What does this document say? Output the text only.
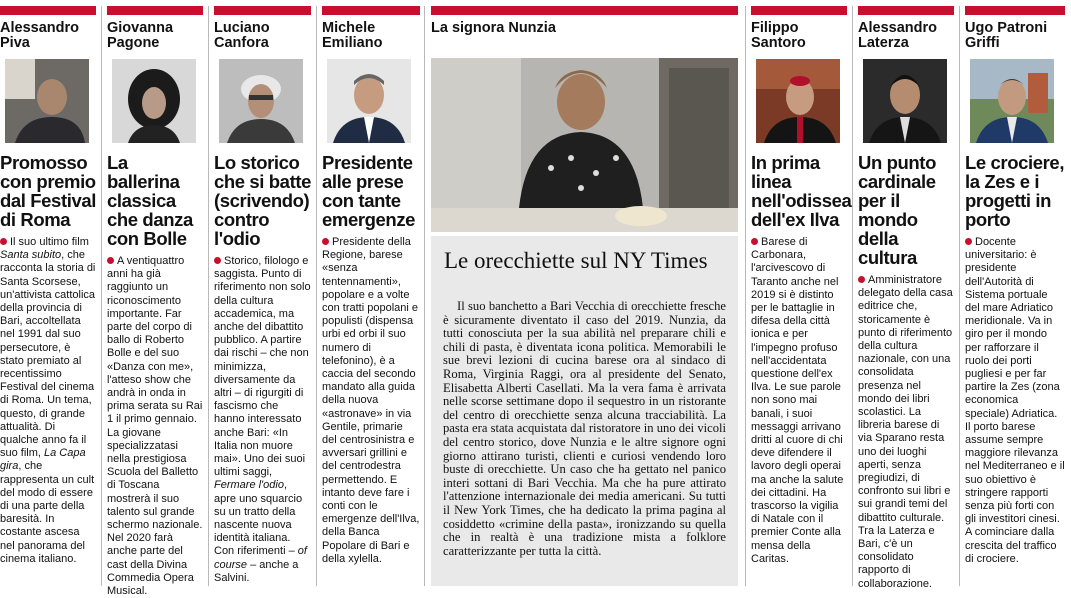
Alessandro Piva
Promosso con premio dal Festival di Roma
Il suo ultimo film Santa subito, che racconta la storia di Santa Scorsese, un'attivista cattolica della provincia di Bari, accoltellata nel 1991 dal suo persecutore, è stato premiato al recentissimo Festival del cinema di Roma. Un tema, questo, di grande attualità. Di qualche anno fa il suo film, La Capa gira, che rappresenta un cult del modo di essere di una parte della baresità. In costante ascesa nel panorama del cinema italiano.
Giovanna Pagone
La ballerina classica che danza con Bolle
A ventiquattro anni ha già raggiunto un riconoscimento importante. Far parte del corpo di ballo di Roberto Bolle e del suo «Danza con me», l'atteso show che andrà in onda in prima serata su Rai 1 il primo gennaio. La giovane specializzatasi nella prestigiosa Scuola del Balletto di Toscana mostrerà il suo talento sul grande schermo nazionale. Nel 2020 farà anche parte del cast della Divina Commedia Opera Musical.
Luciano Canfora
Lo storico che si batte (scrivendo) contro l'odio
Storico, filologo e saggista. Punto di riferimento non solo della cultura accademica, ma anche del dibattito pubblico. A partire dai rischi – che non minimizza, diversamente da altri – di rigurgiti di fascismo che hanno interessato anche Bari: «In Italia non muore mai». Uno dei suoi ultimi saggi, Fermare l'odio, apre uno squarcio su un tratto della nascente nuova identità italiana. Con riferimenti – of course – anche a Salvini.
Michele Emiliano
Presidente alle prese con tante emergenze
Presidente della Regione, barese «senza tentennamenti», popolare e a volte con tratti popolani e populisti (dispensa urbi ed orbi il suo numero di telefonino), è a caccia del secondo mandato alla guida della nuova «astronave» in via Gentile, primarie del centrosinistra e avversari grillini e del centrodestra permettendo. E intanto deve fare i conti con le emergenze dell'Ilva, della Banca Popolare di Bari e della xylella.
La signora Nunzia
Le orecchiette sul NY Times
Il suo banchetto a Bari Vecchia di orecchiette fresche è sicuramente diventato il caso del 2019. Nunzia, da tutti conosciuta per la sua abilità nel preparare chili e chili di pasta, è diventata icona politica. Memorabili le sue brevi lezioni di cucina barese ora al sindaco di Roma, Virginia Raggi, ora al presidente del Senato, Elisabetta Alberti Casellati. Ma la vera fama è arrivata nelle scorse settimane dopo il sequestro in un ristorante del centro di orecchiette senza alcuna tracciabilità. La pasta era stata acquistata dal ristoratore in uno dei vicoli del centro storico, dove Nunzia e le altre signore ogni giorno attirano turisti, clienti e curiosi vendendo loro buste di orecchiette. Un caso che ha gettato nel panico interi sottani di Bari Vecchia. Ma che ha pure attirato l'attenzione internazionale dei media americani. Su tutti il New York Times, che ha dedicato la prima pagina al cosiddetto «crimine della pasta», ironizzando su quella che in realtà è una tradizione mista a folklore caratterizzante per tutta la città.
Filippo Santoro
In prima linea nell'odissea dell'ex Ilva
Barese di Carbonara, l'arcivescovo di Taranto anche nel 2019 si è distinto per le battaglie in difesa della città ionica e per l'impegno profuso nell'accidentata questione dell'ex Ilva. Le sue parole non sono mai banali, i suoi messaggi arrivano dritti al cuore di chi deve difendere il lavoro degli operai ma anche la salute dei cittadini. Ha trascorso la vigilia di Natale con il premier Conte alla mensa della Caritas.
Alessandro Laterza
Un punto cardinale per il mondo della cultura
Amministratore delegato della casa editrice che, storicamente è punto di riferimento della cultura nazionale, con una consolidata presenza nel mondo dei libri scolastici. La libreria barese di via Sparano resta uno dei luoghi aperti, senza pregiudizi, di confronto sui libri e sui grandi temi del dibattito culturale. Tra la Laterza e Bari, c'è un consolidato rapporto di collaborazione.
Ugo Patroni Griffi
Le crociere, la Zes e i progetti in porto
Docente universitario: è presidente dell'Autorità di Sistema portuale del mare Adriatico meridionale. Va in giro per il mondo per rafforzare il ruolo dei porti pugliesi e per far partire la Zes (zona economica speciale) Adriatica. Il porto barese assume sempre maggiore rilevanza nel Mediterraneo e il suo obiettivo è stringere rapporti senza più forti con gli investitori cinesi. A cominciare dalla crescita del traffico di crociere.
